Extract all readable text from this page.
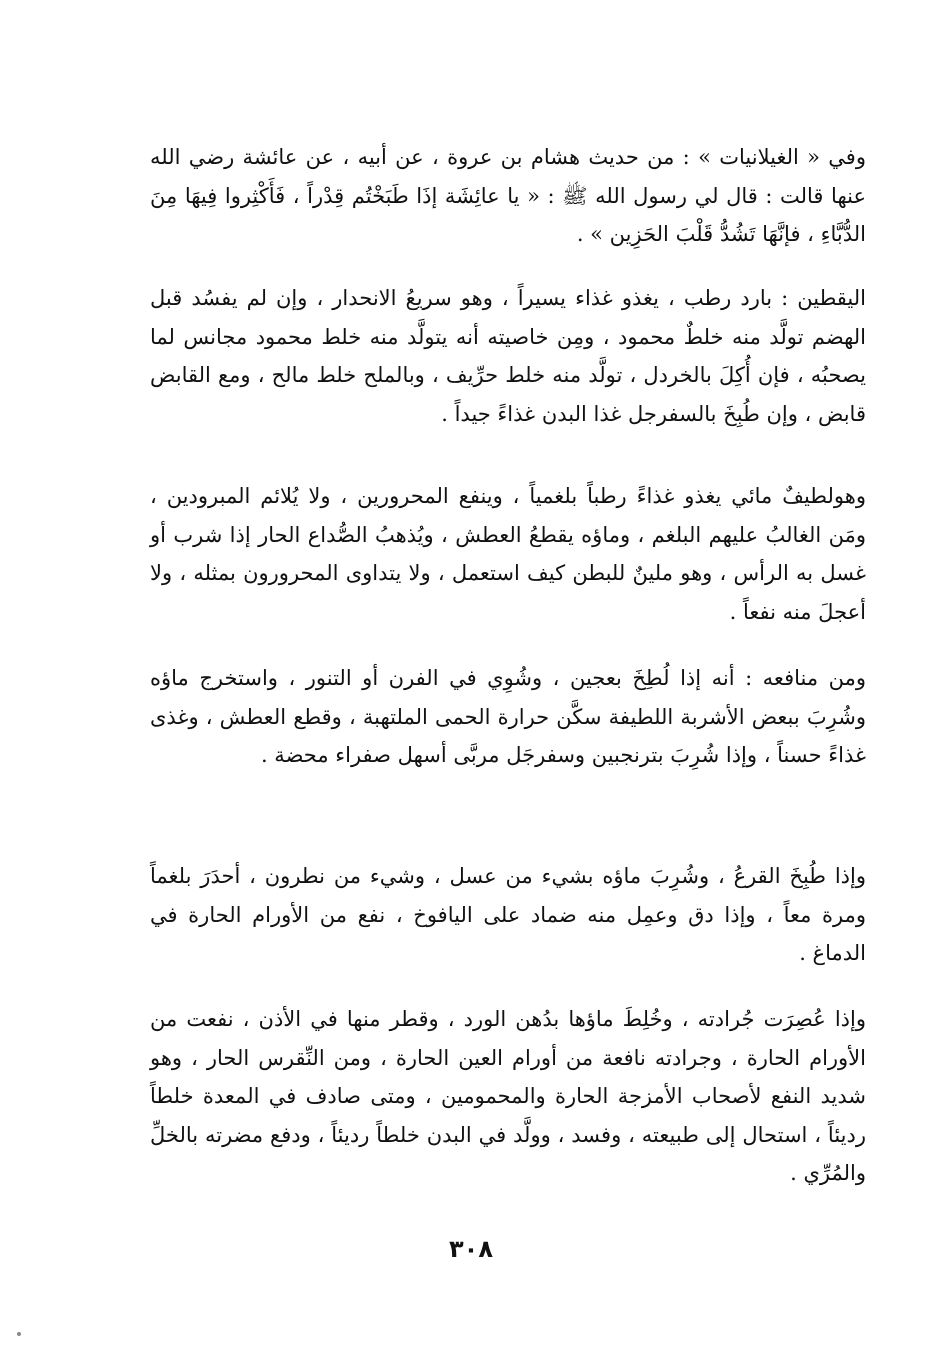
وفي « الغيلانيات » : من حديث هشام بن عروة ، عن أبيه ، عن عائشة رضي الله عنها قالت : قال لي رسول الله ﷺ : « يا عائِشَة إذَا طَبَخْتُم قِدْراً ، فَأَكْثِروا فِيهَا مِنَ الدُّبَّاءِ ، فإنَّهَا تَشُدُّ قَلْبَ الحَزِين » .

اليقطين : بارد رطب ، يغذو غذاء يسيراً ، وهو سريعُ الانحدار ، وإن لم يفسُد قبل الهضم تولَّد منه خلطٌ محمود ، ومِن خاصيته أنه يتولَّد منه خلط محمود مجانس لما يصحبُه ، فإن أُكِلَ بالخردل ، تولَّد منه خلط حرِّيف ، وبالملح خلط مالح ، ومع القابض قابض ، وإن طُبِخَ بالسفرجل غذا البدن غذاءً جيداً .

وهولطيفٌ مائي يغذو غذاءً رطباً بلغمياً ، وينفع المحرورين ، ولا يُلائم المبرودين ، ومَن الغالبُ عليهم البلغم ، وماؤه يقطعُ العطش ، ويُذهبُ الصُّداع الحار إذا شرب أو غسل به الرأس ، وهو ملينٌ للبطن كيف استعمل ، ولا يتداوى المحرورون بمثله ، ولا أعجلَ منه نفعاً .

ومن منافعه : أنه إذا لُطِخَ بعجين ، وشُوِي في الفرن أو التنور ، واستخرج ماؤه وشُرِبَ ببعض الأشربة اللطيفة سكَّن حرارة الحمى الملتهبة ، وقطع العطش ، وغذى غذاءً حسناً ، وإذا شُرِبَ بترنجبين وسفرجَل مربَّى أسهل صفراء محضة .

وإذا طُبِخَ القرعُ ، وشُرِبَ ماؤه بشيء من عسل ، وشيء من نطرون ، أحدَرَ بلغماً ومرة معاً ، وإذا دق وعمِل منه ضماد على اليافوخ ، نفع من الأورام الحارة في الدماغ .

وإذا عُصِرَت جُرادته ، وخُلِطَ ماؤها بدُهن الورد ، وقطر منها في الأذن ، نفعت من الأورام الحارة ، وجرادته نافعة من أورام العين الحارة ، ومن النِّقرس الحار ، وهو شديد النفع لأصحاب الأمزجة الحارة والمحمومين ، ومتى صادف في المعدة خلطاً رديئاً ، استحال إلى طبيعته ، وفسد ، وولَّد في البدن خلطاً رديئاً ، ودفع مضرته بالخلِّ والمُرِّي .

٣٠٨
